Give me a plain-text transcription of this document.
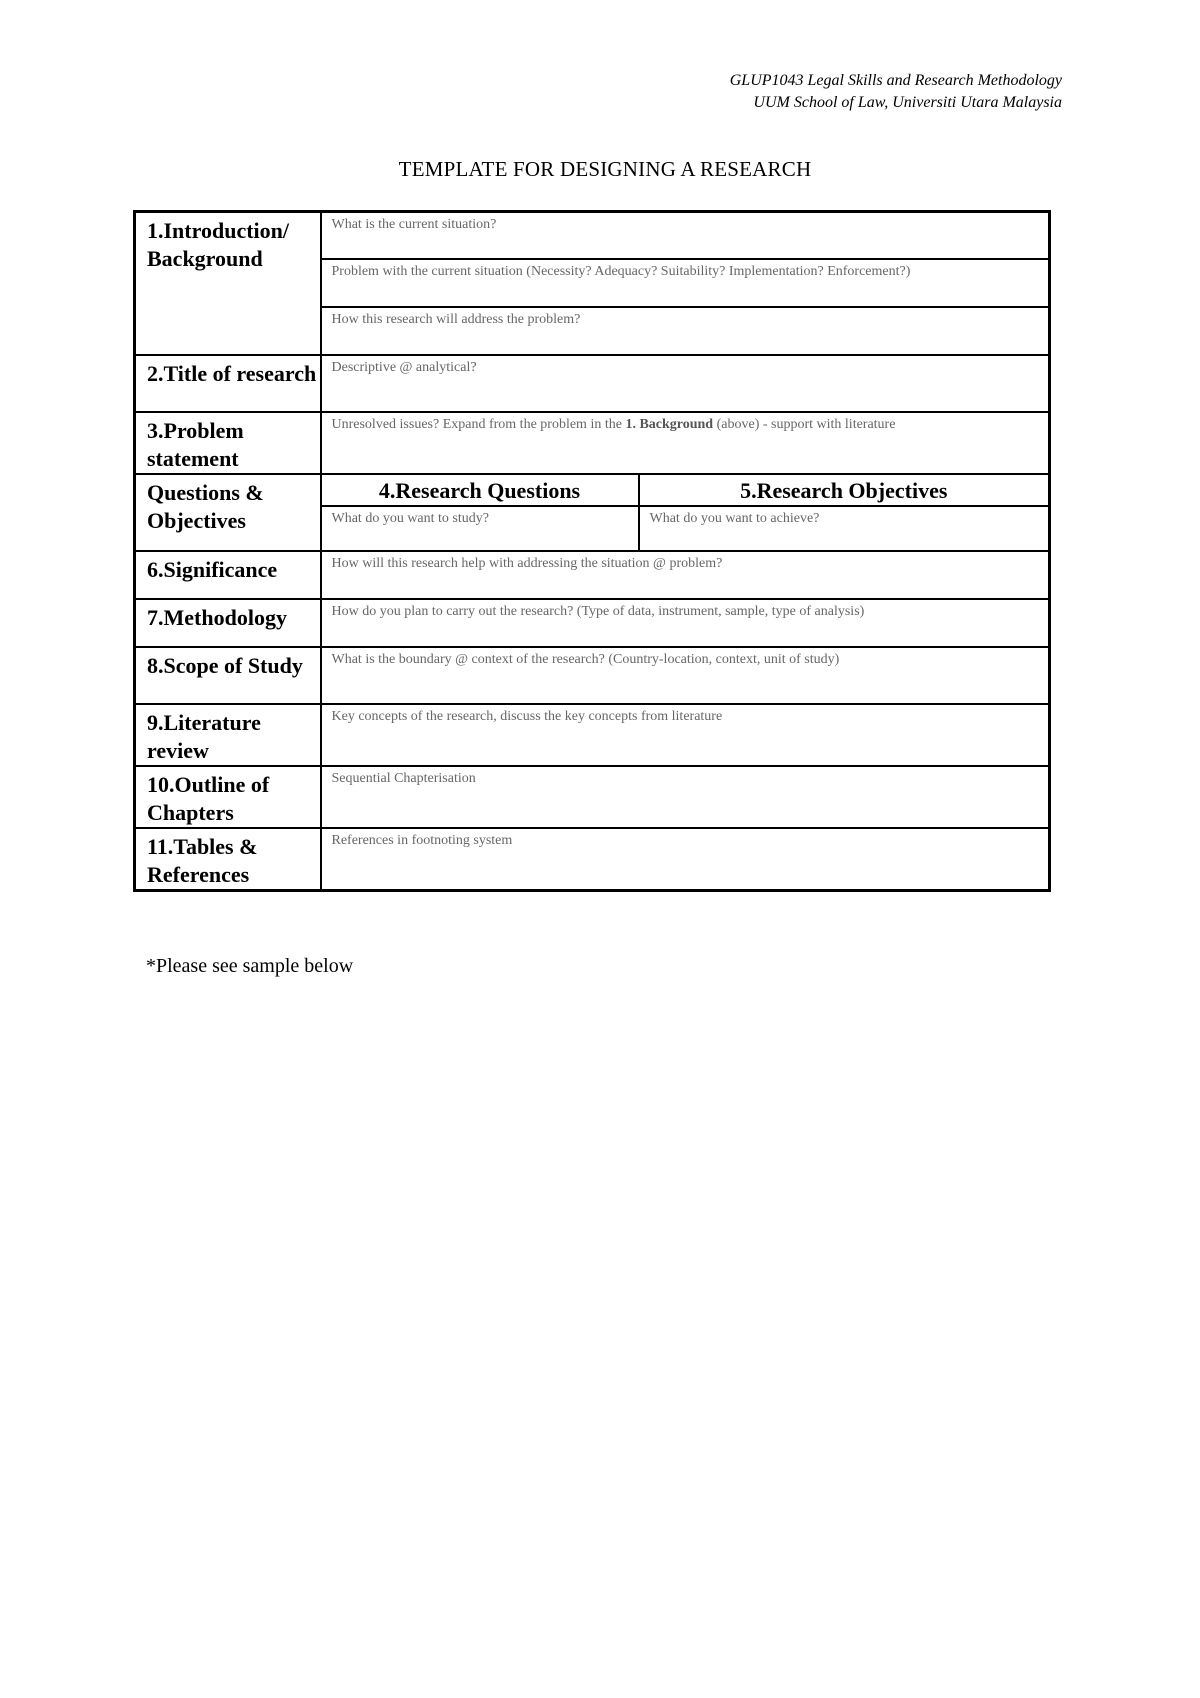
GLUP1043 Legal Skills and Research Methodology
UUM School of Law, Universiti Utara Malaysia
TEMPLATE FOR DESIGNING A RESEARCH
1.Introduction/ Background	What is the current situation?	
	Problem with the current situation (Necessity? Adequacy? Suitability? Implementation? Enforcement?)	
	How this research will address the problem?	
2.Title of research	Descriptive @ analytical?	
3.Problem statement	Unresolved issues? Expand from the problem in the 1. Background (above) - support with literature	
Questions & Objectives	4.Research Questions	5.Research Objectives
	What do you want to study?	What do you want to achieve?
6.Significance	How will this research help with addressing the situation @ problem?	
7.Methodology	How do you plan to carry out the research? (Type of data, instrument, sample, type of analysis)	
8.Scope of Study	What is the boundary @ context of the research? (Country-location, context, unit of study)	
9.Literature review	Key concepts of the research, discuss the key concepts from literature	
10.Outline of Chapters	Sequential Chapterisation	
11.Tables & References	References in footnoting system	
*Please see sample below
